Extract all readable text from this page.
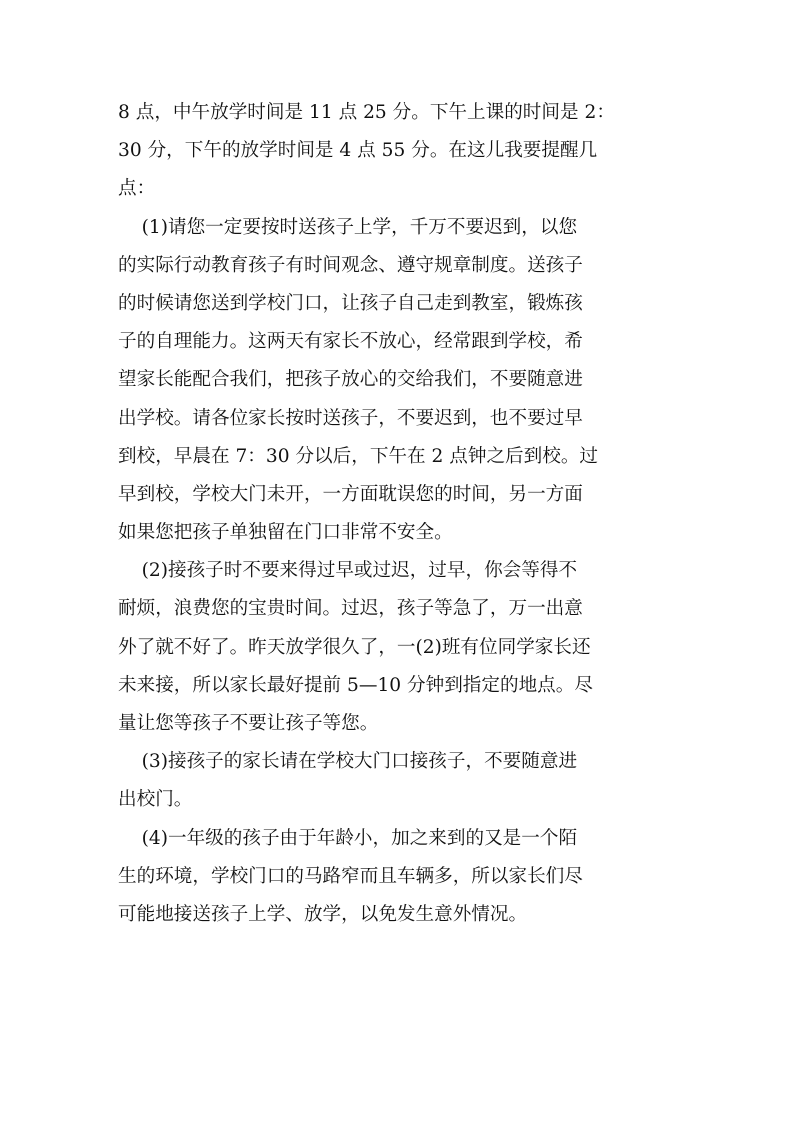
8 点，中午放学时间是 11 点 25 分。下午上课的时间是 2：
30 分，下午的放学时间是 4 点 55 分。在这儿我要提醒几
点：
(1)请您一定要按时送孩子上学，千万不要迟到，以您
的实际行动教育孩子有时间观念、遵守规章制度。送孩子
的时候请您送到学校门口，让孩子自己走到教室，锻炼孩
子的自理能力。这两天有家长不放心，经常跟到学校，希
望家长能配合我们，把孩子放心的交给我们，不要随意进
出学校。请各位家长按时送孩子，不要迟到，也不要过早
到校，早晨在 7：30 分以后，下午在 2 点钟之后到校。过
早到校，学校大门未开，一方面耽误您的时间，另一方面
如果您把孩子单独留在门口非常不安全。
(2)接孩子时不要来得过早或过迟，过早，你会等得不
耐烦，浪费您的宝贵时间。过迟，孩子等急了，万一出意
外了就不好了。昨天放学很久了，一(2)班有位同学家长还
未来接，所以家长最好提前 5—10 分钟到指定的地点。尽
量让您等孩子不要让孩子等您。
(3)接孩子的家长请在学校大门口接孩子，不要随意进
出校门。
(4)一年级的孩子由于年龄小，加之来到的又是一个陌
生的环境，学校门口的马路窄而且车辆多，所以家长们尽
可能地接送孩子上学、放学，以免发生意外情况。
